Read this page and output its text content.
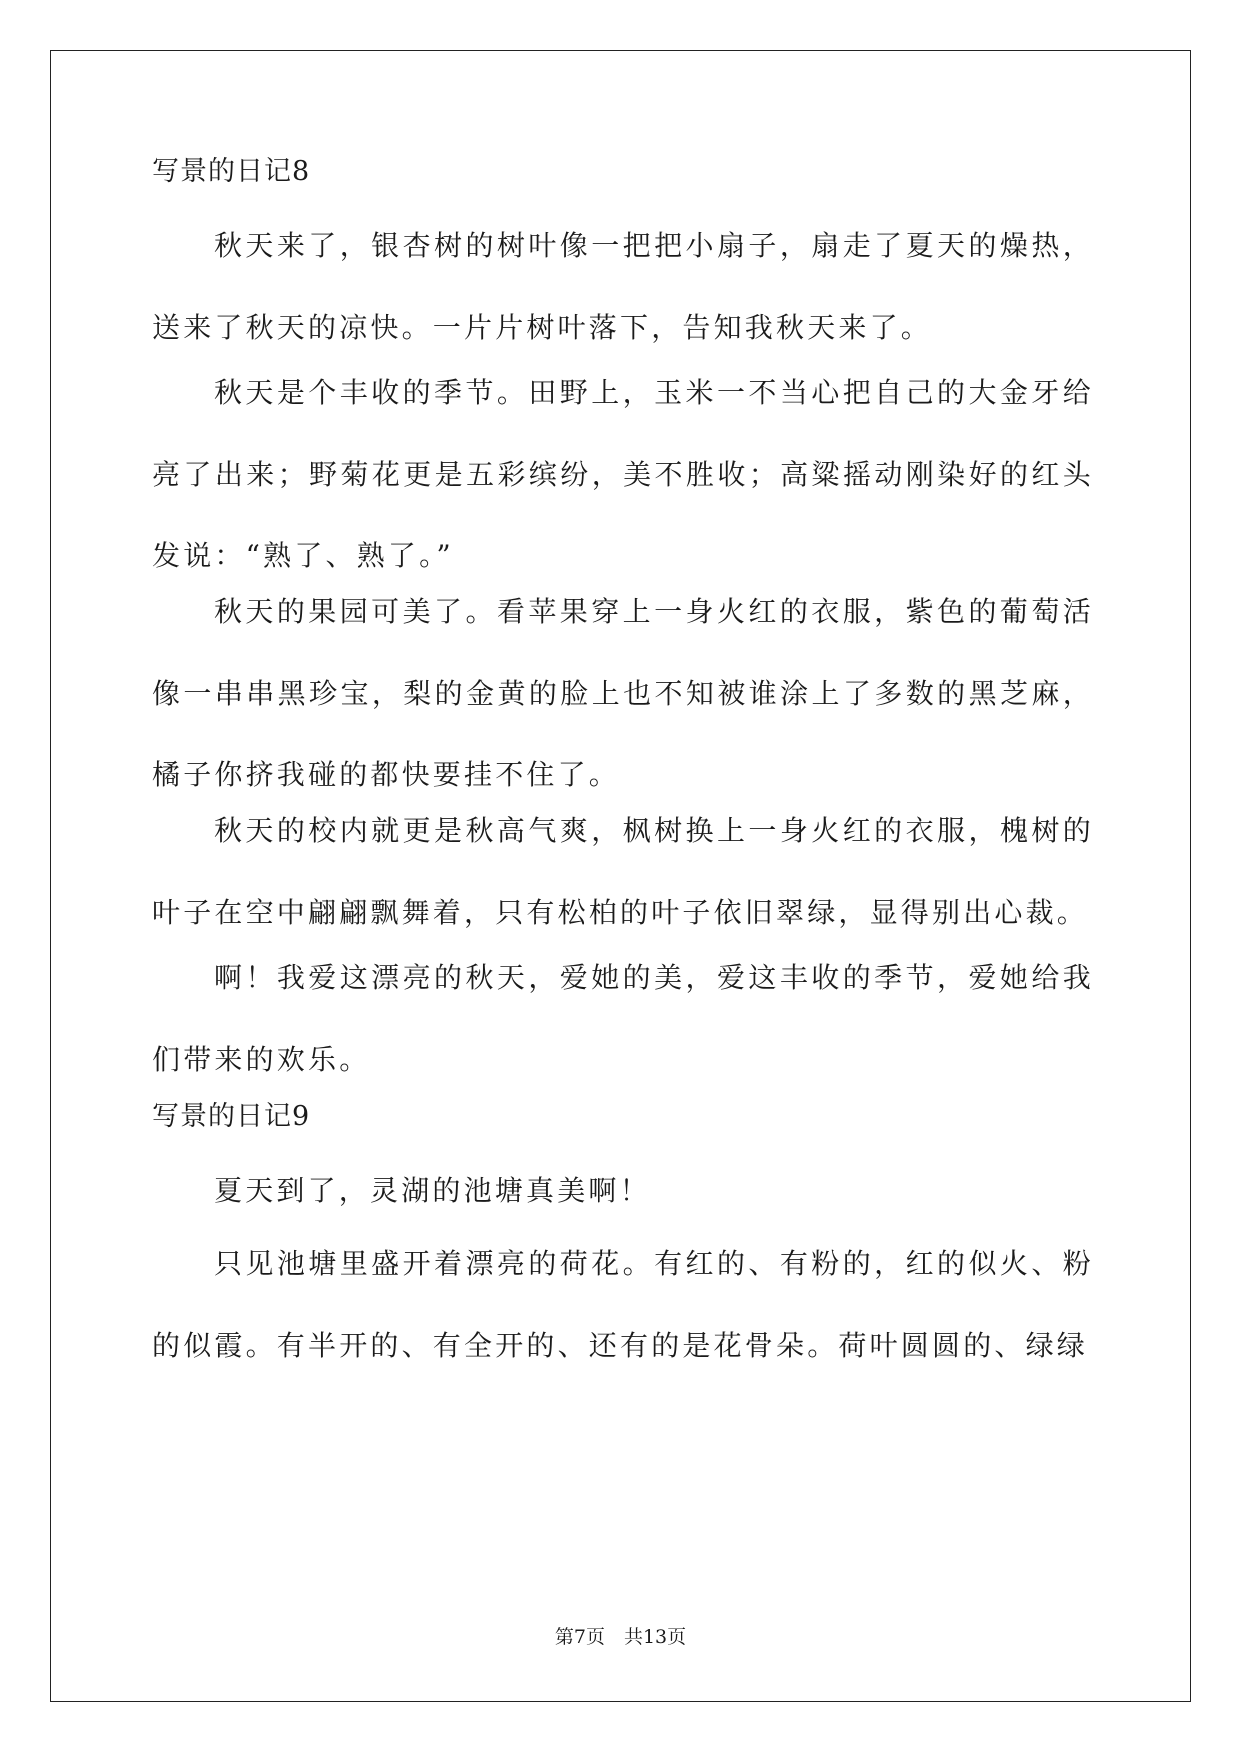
写景的日记8

秋天来了，银杏树的树叶像一把把小扇子，扇走了夏天的燥热，送来了秋天的凉快。一片片树叶落下，告知我秋天来了。

秋天是个丰收的季节。田野上，玉米一不当心把自己的大金牙给亮了出来；野菊花更是五彩缤纷，美不胜收；高粱摇动刚染好的红头发说：“熟了、熟了。”

秋天的果园可美了。看苹果穿上一身火红的衣服，紫色的葡萄活像一串串黑珍宝，梨的金黄的脸上也不知被谁涂上了多数的黑芝麻，橘子你挤我碰的都快要挂不住了。

秋天的校内就更是秋高气爽，枫树换上一身火红的衣服，槐树的叶子在空中翩翩飘舞着，只有松柏的叶子依旧翠绿，显得别出心裁。

啊！我爱这漂亮的秋天，爱她的美，爱这丰收的季节，爱她给我们带来的欢乐。

写景的日记9

夏天到了，灵湖的池塘真美啊！

只见池塘里盛开着漂亮的荷花。有红的、有粉的，红的似火、粉的似霞。有半开的、有全开的、还有的是花骨朵。荷叶圆圆的、绿绿

第7页　共13页
